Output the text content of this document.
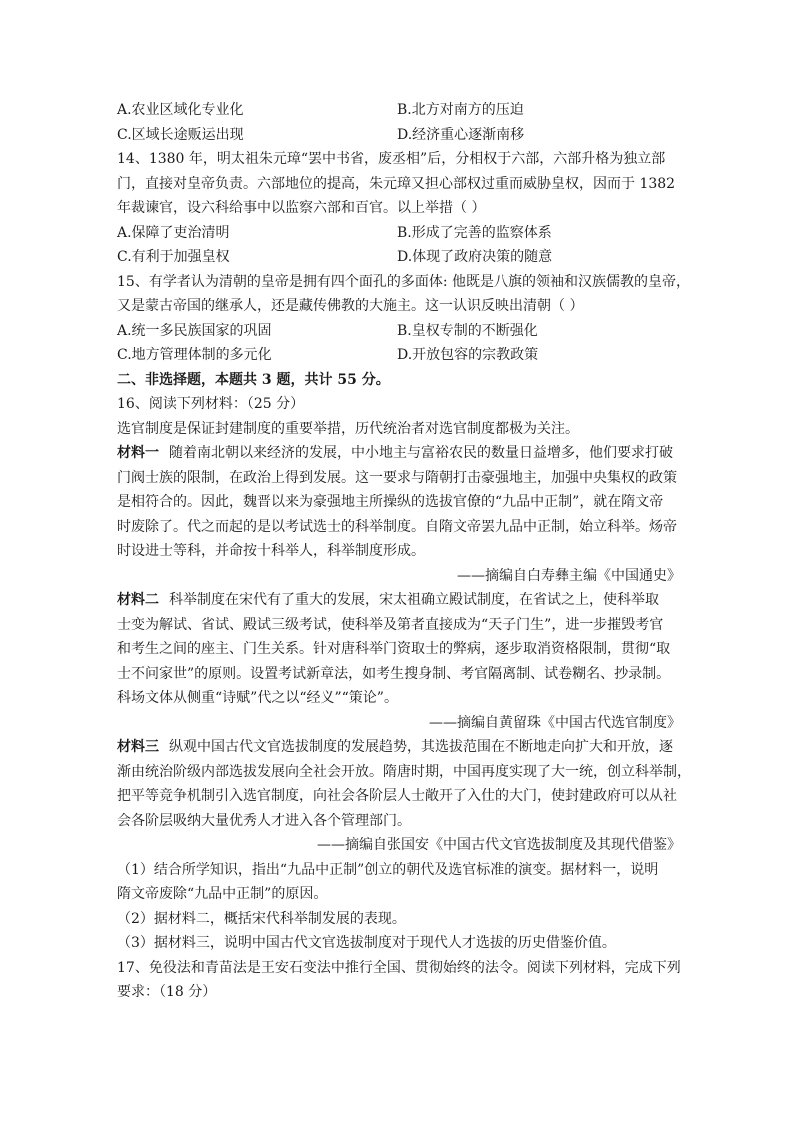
A.农业区域化专业化	B.北方对南方的压迫
C.区域长途贩运出现	D.经济重心逐渐南移
14、1380 年，明太祖朱元璋“罢中书省，废丞相”后，分相权于六部，六部升格为独立部
门，直接对皇帝负责。六部地位的提高，朱元璋又担心部权过重而威胁皇权，因而于 1382
年裁谏官，设六科给事中以监察六部和百官。以上举措（ ）
A.保障了吏治清明	B.形成了完善的监察体系
C.有利于加强皇权	D.体现了政府决策的随意
15、有学者认为清朝的皇帝是拥有四个面孔的多面体: 他既是八旗的领袖和汉族儒教的皇帝，
又是蒙古帝国的继承人，还是藏传佛教的大施主。这一认识反映出清朝（ ）
A.统一多民族国家的巩固	B.皇权专制的不断强化
C.地方管理体制的多元化	D.开放包容的宗教政策
二、非选择题，本题共 3 题，共计 55 分。
16、阅读下列材料：（25 分）
选官制度是保证封建制度的重要举措，历代统治者对选官制度都极为关注。
材料一 随着南北朝以来经济的发展，中小地主与富裕农民的数量日益增多，他们要求打破
门阀士族的限制，在政治上得到发展。这一要求与隋朝打击豪强地主，加强中央集权的政策
是相符合的。因此，魏晋以来为豪强地主所操纵的选拔官僚的“九品中正制”，就在隋文帝
时废除了。代之而起的是以考试选士的科举制度。自隋文帝罢九品中正制，始立科举。炀帝
时设进士等科，并命按十科举人，科举制度形成。
——摘编自白寿彝主编《中国通史》
材料二 科举制度在宋代有了重大的发展，宋太祖确立殿试制度，在省试之上，使科举取
士变为解试、省试、殿试三级考试，使科举及第者直接成为“天子门生”，进一步摧毁考官
和考生之间的座主、门生关系。针对唐科举门资取士的弊病，逐步取消资格限制，贯彻“取
士不问家世”的原则。设置考试新章法，如考生搜身制、考官隔离制、试卷糊名、抄录制。
科场文体从侧重“诗赋”代之以“经义”“策论”。
——摘编自黄留珠《中国古代选官制度》
材料三 纵观中国古代文官选拔制度的发展趋势，其选拔范围在不断地走向扩大和开放，逐
渐由统治阶级内部选拔发展向全社会开放。隋唐时期，中国再度实现了大一统，创立科举制，
把平等竞争机制引入选官制度，向社会各阶层人士敞开了入仕的大门，使封建政府可以从社
会各阶层吸纳大量优秀人才进入各个管理部门。
——摘编自张国安《中国古代文官选拔制度及其现代借鉴》
（1）结合所学知识，指出“九品中正制”创立的朝代及选官标准的演变。据材料一，说明
隋文帝废除“九品中正制”的原因。
（2）据材料二，概括宋代科举制发展的表现。
（3）据材料三，说明中国古代文官选拔制度对于现代人才选拔的历史借鉴价值。
17、免役法和青苗法是王安石变法中推行全国、贯彻始终的法令。阅读下列材料，完成下列
要求：（18 分）
